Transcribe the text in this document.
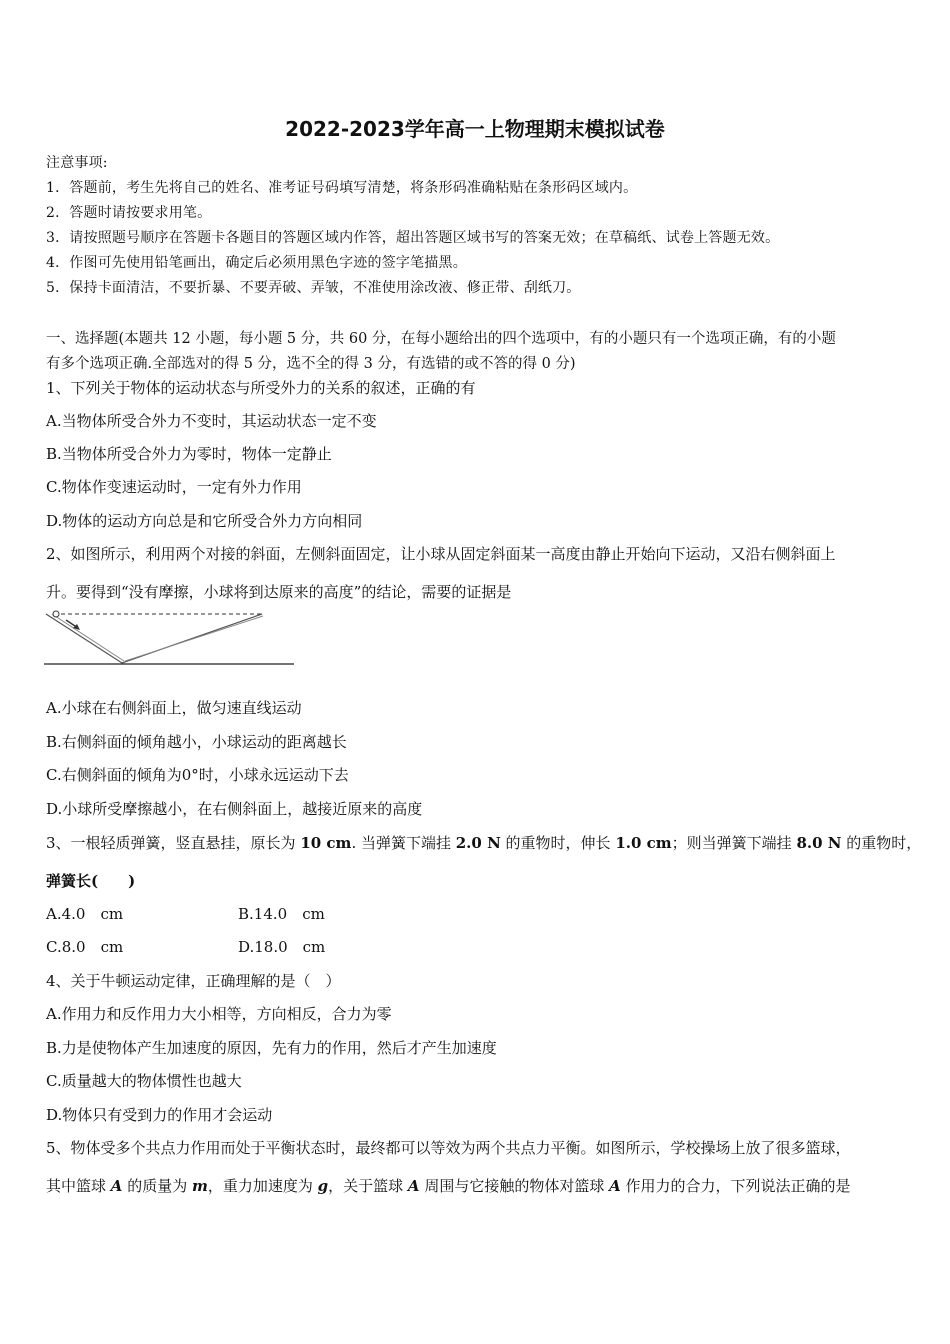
2022-2023学年高一上物理期末模拟试卷
注意事项:
1．答题前，考生先将自己的姓名、准考证号码填写清楚，将条形码准确粘贴在条形码区域内。
2．答题时请按要求用笔。
3．请按照题号顺序在答题卡各题目的答题区域内作答，超出答题区域书写的答案无效；在草稿纸、试卷上答题无效。
4．作图可先使用铅笔画出，确定后必须用黑色字迹的签字笔描黑。
5．保持卡面清洁，不要折暴、不要弄破、弄皱，不准使用涂改液、修正带、刮纸刀。
一、选择题(本题共 12 小题，每小题 5 分，共 60 分，在每小题给出的四个选项中，有的小题只有一个选项正确，有的小题
有多个选项正确.全部选对的得 5 分，选不全的得 3 分，有选错的或不答的得 0 分)
1、下列关于物体的运动状态与所受外力的关系的叙述，正确的有
A.当物体所受合外力不变时，其运动状态一定不变
B.当物体所受合外力为零时，物体一定静止
C.物体作变速运动时，一定有外力作用
D.物体的运动方向总是和它所受合外力方向相同
2、如图所示，利用两个对接的斜面，左侧斜面固定，让小球从固定斜面某一高度由静止开始向下运动，又沿右侧斜面上
升。要得到“没有摩擦，小球将到达原来的高度”的结论，需要的证据是
A.小球在右侧斜面上，做匀速直线运动
B.右侧斜面的倾角越小，小球运动的距离越长
C.右侧斜面的倾角为0°时，小球永远运动下去
D.小球所受摩擦越小，在右侧斜面上，越接近原来的高度
3、一根轻质弹簧，竖直悬挂，原长为 10 cm. 当弹簧下端挂 2.0 N 的重物时，伸长 1.0 cm；则当弹簧下端挂 8.0 N 的重物时，
弹簧长(　　)
A.4.0　cm	B.14.0　cm
C.8.0　cm	D.18.0　cm
4、关于牛顿运动定律，正确理解的是（　）
A.作用力和反作用力大小相等，方向相反，合力为零
B.力是使物体产生加速度的原因，先有力的作用，然后才产生加速度
C.质量越大的物体惯性也越大
D.物体只有受到力的作用才会运动
5、物体受多个共点力作用而处于平衡状态时，最终都可以等效为两个共点力平衡。如图所示，学校操场上放了很多篮球，
其中篮球 A 的质量为 m，重力加速度为 g，关于篮球 A 周围与它接触的物体对篮球 A 作用力的合力，下列说法正确的是
